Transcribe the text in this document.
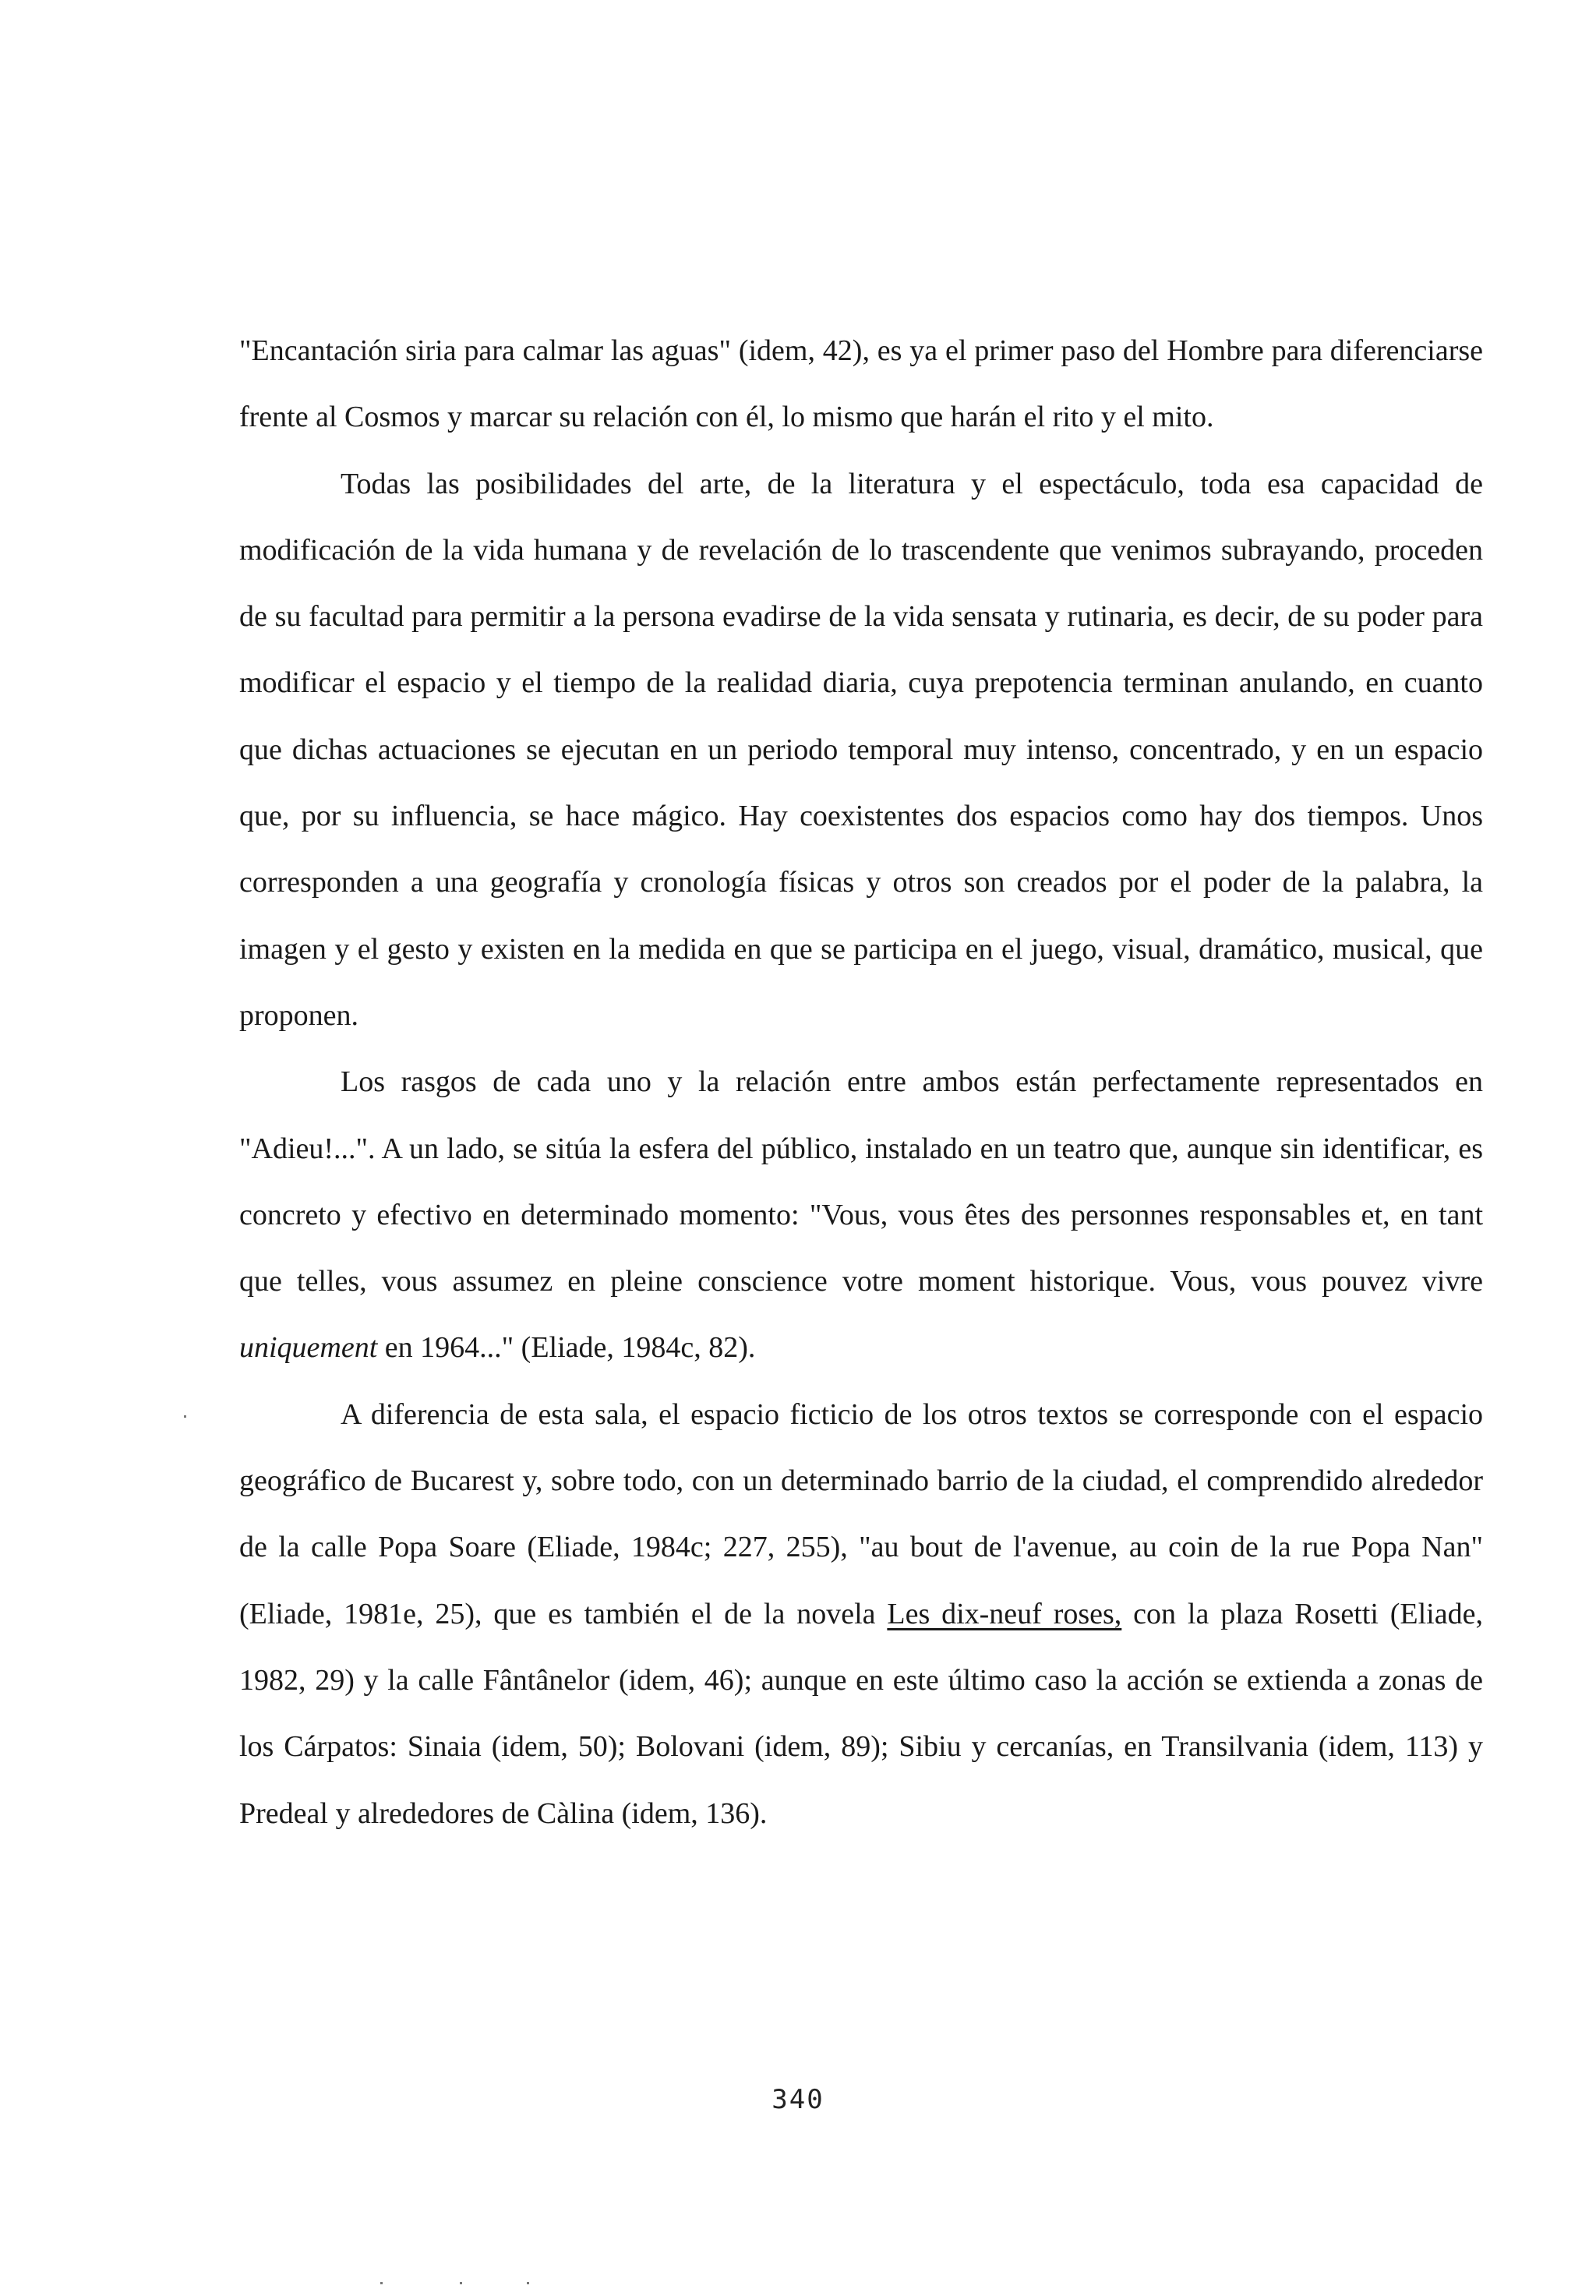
"Encantación siria para calmar las aguas" (idem, 42), es ya el primer paso del Hombre para diferenciarse frente al Cosmos y marcar su relación con él, lo mismo que harán el rito y el mito.

Todas las posibilidades del arte, de la literatura y el espectáculo, toda esa capacidad de modificación de la vida humana y de revelación de lo trascendente que venimos subrayando, proceden de su facultad para permitir a la persona evadirse de la vida sensata y rutinaria, es decir, de su poder para modificar el espacio y el tiempo de la realidad diaria, cuya prepotencia terminan anulando, en cuanto que dichas actuaciones se ejecutan en un periodo temporal muy intenso, concentrado, y en un espacio que, por su influencia, se hace mágico. Hay coexistentes dos espacios como hay dos tiempos. Unos corresponden a una geografía y cronología físicas y otros son creados por el poder de la palabra, la imagen y el gesto y existen en la medida en que se participa en el juego, visual, dramático, musical, que proponen.

Los rasgos de cada uno y la relación entre ambos están perfectamente representados en "Adieu!...". A un lado, se sitúa la esfera del público, instalado en un teatro que, aunque sin identificar, es concreto y efectivo en determinado momento: "Vous, vous êtes des personnes responsables et, en tant que telles, vous assumez en pleine conscience votre moment historique. Vous, vous pouvez vivre uniquement en 1964..." (Eliade, 1984c, 82).

A diferencia de esta sala, el espacio ficticio de los otros textos se corresponde con el espacio geográfico de Bucarest y, sobre todo, con un determinado barrio de la ciudad, el comprendido alrededor de la calle Popa Soare (Eliade, 1984c; 227, 255), "au bout de l'avenue, au coin de la rue Popa Nan" (Eliade, 1981e, 25), que es también el de la novela Les dix-neuf roses, con la plaza Rosetti (Eliade, 1982, 29) y la calle Fântânelor (idem, 46); aunque en este último caso la acción se extienda a zonas de los Cárpatos: Sinaia (idem, 50); Bolovani (idem, 89); Sibiu y cercanías, en Transilvania (idem, 113) y Predeal y alrededores de Càlina (idem, 136).

340
